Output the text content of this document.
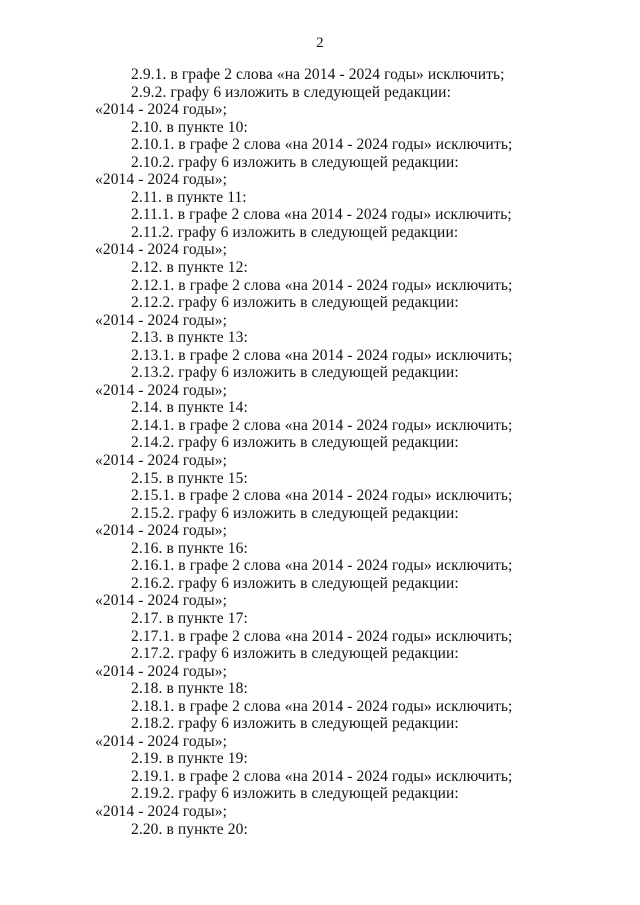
2
2.9.1. в графе 2 слова «на 2014 - 2024 годы» исключить;
2.9.2. графу 6 изложить в следующей редакции:
«2014 - 2024 годы»;
2.10. в пункте 10:
2.10.1. в графе 2 слова «на 2014 - 2024 годы» исключить;
2.10.2. графу 6 изложить в следующей редакции:
«2014 - 2024 годы»;
2.11. в пункте 11:
2.11.1. в графе 2 слова «на 2014 - 2024 годы» исключить;
2.11.2. графу 6 изложить в следующей редакции:
«2014 - 2024 годы»;
2.12. в пункте 12:
2.12.1. в графе 2 слова «на 2014 - 2024 годы» исключить;
2.12.2. графу 6 изложить в следующей редакции:
«2014 - 2024 годы»;
2.13. в пункте 13:
2.13.1. в графе 2 слова «на 2014 - 2024 годы» исключить;
2.13.2. графу 6 изложить в следующей редакции:
«2014 - 2024 годы»;
2.14. в пункте 14:
2.14.1. в графе 2 слова «на 2014 - 2024 годы» исключить;
2.14.2. графу 6 изложить в следующей редакции:
«2014 - 2024 годы»;
2.15. в пункте 15:
2.15.1. в графе 2 слова «на 2014 - 2024 годы» исключить;
2.15.2. графу 6 изложить в следующей редакции:
«2014 - 2024 годы»;
2.16. в пункте 16:
2.16.1. в графе 2 слова «на 2014 - 2024 годы» исключить;
2.16.2. графу 6 изложить в следующей редакции:
«2014 - 2024 годы»;
2.17. в пункте 17:
2.17.1. в графе 2 слова «на 2014 - 2024 годы» исключить;
2.17.2. графу 6 изложить в следующей редакции:
«2014 - 2024 годы»;
2.18. в пункте 18:
2.18.1. в графе 2 слова «на 2014 - 2024 годы» исключить;
2.18.2. графу 6 изложить в следующей редакции:
«2014 - 2024 годы»;
2.19. в пункте 19:
2.19.1. в графе 2 слова «на 2014 - 2024 годы» исключить;
2.19.2. графу 6 изложить в следующей редакции:
«2014 - 2024 годы»;
2.20. в пункте 20:
